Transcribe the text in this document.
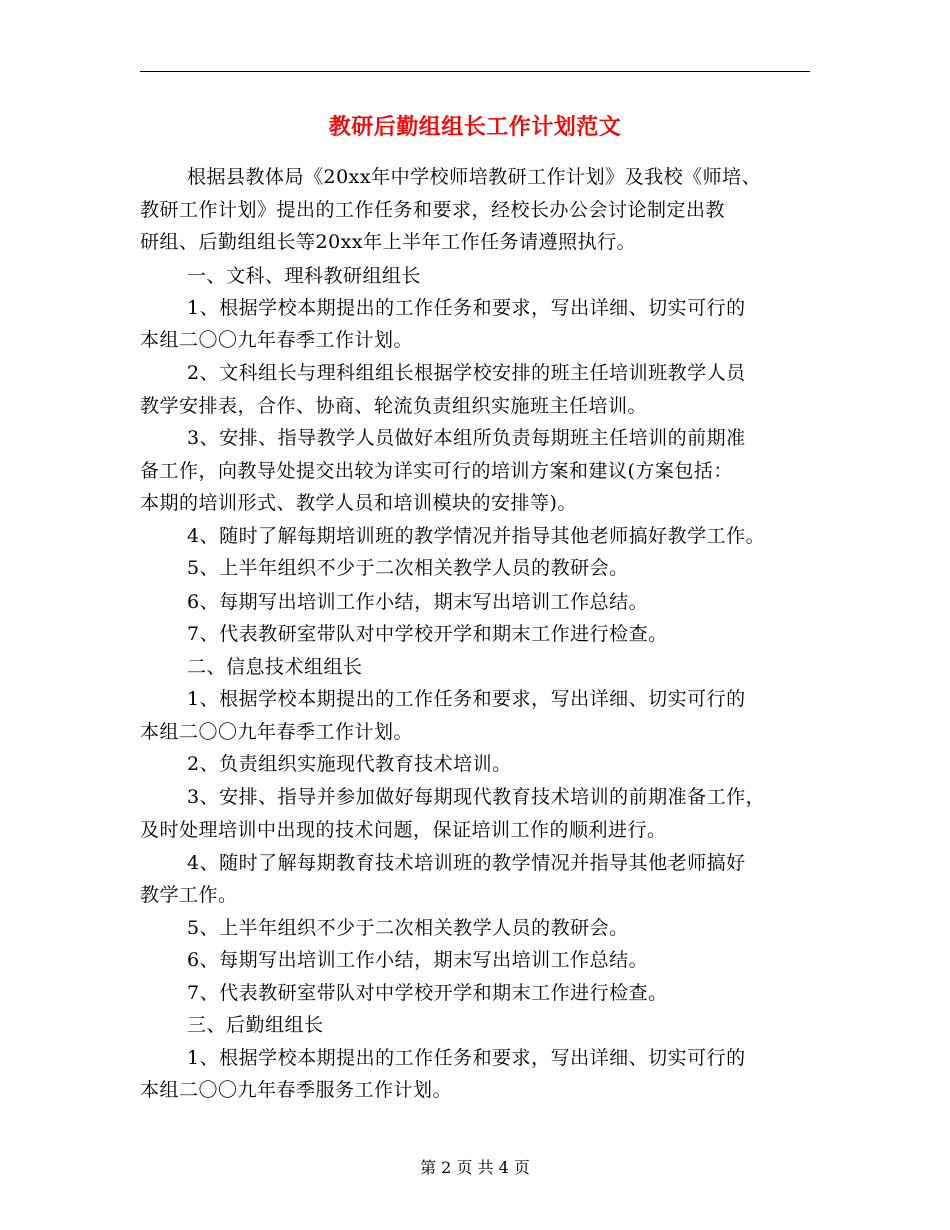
教研后勤组组长工作计划范文
根据县教体局《20xx年中学校师培教研工作计划》及我校《师培、
教研工作计划》提出的工作任务和要求，经校长办公会讨论制定出教
研组、后勤组组长等20xx年上半年工作任务请遵照执行。
一、文科、理科教研组组长
1、根据学校本期提出的工作任务和要求，写出详细、切实可行的
本组二〇〇九年春季工作计划。
2、文科组长与理科组组长根据学校安排的班主任培训班教学人员
教学安排表，合作、协商、轮流负责组织实施班主任培训。
3、安排、指导教学人员做好本组所负责每期班主任培训的前期准
备工作，向教导处提交出较为详实可行的培训方案和建议(方案包括：
本期的培训形式、教学人员和培训模块的安排等)。
4、随时了解每期培训班的教学情况并指导其他老师搞好教学工作。
5、上半年组织不少于二次相关教学人员的教研会。
6、每期写出培训工作小结，期末写出培训工作总结。
7、代表教研室带队对中学校开学和期末工作进行检查。
二、信息技术组组长
1、根据学校本期提出的工作任务和要求，写出详细、切实可行的
本组二〇〇九年春季工作计划。
2、负责组织实施现代教育技术培训。
3、安排、指导并参加做好每期现代教育技术培训的前期准备工作，
及时处理培训中出现的技术问题，保证培训工作的顺利进行。
4、随时了解每期教育技术培训班的教学情况并指导其他老师搞好
教学工作。
5、上半年组织不少于二次相关教学人员的教研会。
6、每期写出培训工作小结，期末写出培训工作总结。
7、代表教研室带队对中学校开学和期末工作进行检查。
三、后勤组组长
1、根据学校本期提出的工作任务和要求，写出详细、切实可行的
本组二〇〇九年春季服务工作计划。
第 2 页 共 4 页
